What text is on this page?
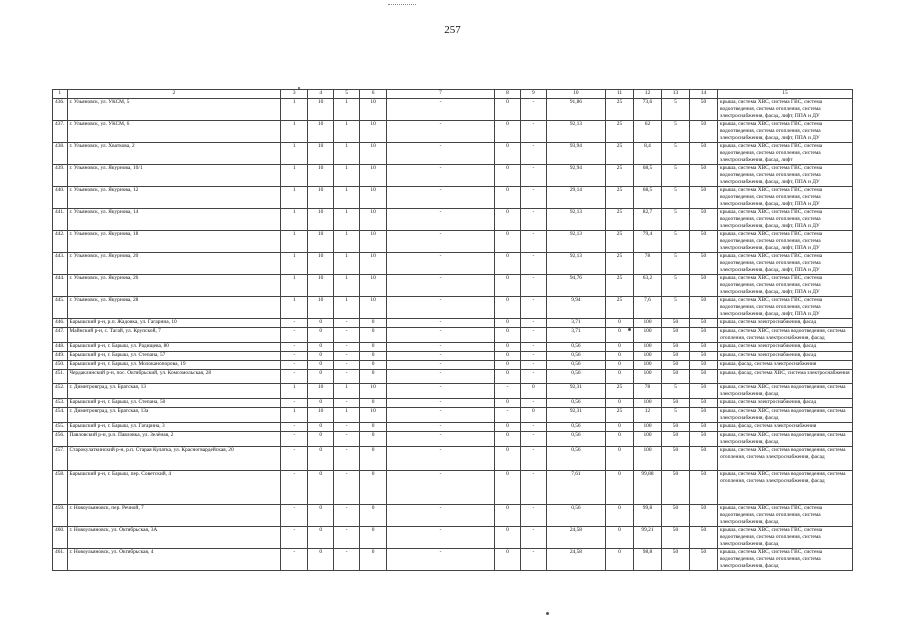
257
1	2	3	4	5	6	7	8	9	10	11	12	13	14	15
436.	г. Ульяновск, ул. УКСМ, 5	1	10	1	10	-	0	-	91,86	25	73,6	5	50	крыша, система ХВС, система ГВС, система водоотведения, система отопления, система электроснабжения, фасад, лифт, ППА и ДУ
437.	г. Ульяновск, ул. УКСМ, 6	1	10	1	10	-	0	-	92,13	25	62	5	50	крыша, система ХВС, система ГВС, система водоотведения, система отопления, система электроснабжения, фасад, лифт, ППА и ДУ
438.	г. Ульяновск, ул. Хваткова, 2	1	10	1	10	-	0	-	93,94	25	8,4	5	50	крыша, система ХВС, система ГВС, система водоотведения, система отопления, система электроснабжения, фасад, лифт
439.	г. Ульяновск, ул. Якурнова, 10/1	1	10	1	10	-	0	-	92,94	25	68,5	5	50	крыша, система ХВС, система ГВС, система водоотведения, система отопления, система электроснабжения, фасад, лифт, ППА и ДУ
440.	г. Ульяновск, ул. Якурнова, 12	1	10	1	10	-	0	-	29,14	25	68,5	5	50	крыша, система ХВС, система ГВС, система водоотведения, система отопления, система электроснабжения, фасад, лифт, ППА и ДУ
441.	г. Ульяновск, ул. Якурнова, 14	1	10	1	10	-	0	-	92,13	25	82,7	5	50	крыша, система ХВС, система ГВС, система водоотведения, система отопления, система электроснабжения, фасад, лифт, ППА и ДУ
442.	г. Ульяновск, ул. Якурнова, 18	1	10	1	10	-	0	-	92,13	25	79,4	5	50	крыша, система ХВС, система ГВС, система водоотведения, система отопления, система электроснабжения, фасад, лифт, ППА и ДУ
443.	г. Ульяновск, ул. Якурнова, 20	1	10	1	10	-	0	-	92,13	25	78	5	50	крыша, система ХВС, система ГВС, система водоотведения, система отопления, система электроснабжения, фасад, лифт, ППА и ДУ
444.	г. Ульяновск, ул. Якурнова, 26	1	10	1	10	-	0	-	94,76	25	63,2	5	50	крыша, система ХВС, система ГВС, система водоотведения, система отопления, система электроснабжения, фасад, лифт, ППА и ДУ
445.	г. Ульяновск, ул. Якурнова, 28	1	10	1	10	-	0	-	9,94	25	7,6	5	50	крыша, система ХВС, система ГВС, система водоотведения, система отопления, система электроснабжения, фасад, лифт, ППА и ДУ
446.	Барышский р-н, р.п. Жадовка, ул. Гагарина, 10	-	0	-	0	-	0	-	3,71	0	100	50	50	крыша, система электроснабжения, фасад
447.	Майнский р-н, с. Тагай, ул. Крупской, 7	-	0	-	0	-	0	-	3,71	0	100	50	50	крыша, система ХВС, система водоотведения, система отопления, система электроснабжения, фасад
448.	Барышский р-н, г. Барыш, ул. Радищева, 80	-	0	-	0	-	0	-	0,56	0	100	50	50	крыша, система электроснабжения, фасад
449.	Барышский р-н, г. Барыш, ул. Степана, 57	-	0	-	0	-	0	-	0,56	0	100	50	50	крыша, система электроснабжения, фасад
450.	Барышский р-н, г. Барыш, ул. Молоканопорова, 19	-	0	-	0	-	0	-	0,56	0	100	50	50	крыша, фасад, система электроснабжения
451.	Чердаклинский р-н, пос. Октябрьский, ул. Комсомольская, 28	-	0	-	0	-	0	-	0,56	0	100	50	50	крыша, фасад, система ХВС, система электроснабжения
452.	г. Димитровград, ул. Братская, 13	1	10	1	10	-	-	0	92,31	25	78	5	50	крыша, система ХВС, система водоотведения, система электроснабжения, фасад
453.	Барышский р-н, г. Барыш, ул. Степана, 50	-	0	-	0	-	0	-	0,56	0	100	50	50	крыша, система электроснабжения, фасад
454.	г. Димитровград, ул. Братская, 13а	1	10	1	10	-	-	0	92,31	25	12	5	50	крыша, система ХВС, система водоотведения, система электроснабжения, фасад
455.	Барышский р-н, г. Барыш, ул. Гагарина, 3	-	0	-	0	-	0	-	0,56	0	100	50	50	крыша, фасад, система электроснабжения
456.	Павловский р-н, р.п. Павловка, ул. Зелёная, 2	-	0	-	0	-	0	-	0,56	0	100	50	50	крыша, система ХВС, система водоотведения, система электроснабжения, фасад
457.	Старокулаткинский р-н, р.п. Старая Кулатка, ул. Красногвардейская, 20	-	0	-	0	-	0	-	0,56	0	100	50	50	крыша, система ХВС, система водоотведения, система отопления, система электроснабжения, фасад
458.	Барышский р-н, г. Барыш, пер. Советский, 4	-	0	-	0	-	0	-	7,61	0	99,88	50	50	крыша, система ХВС, система водоотведения, система отопления, система электроснабжения, фасад
459.	г. Новоульяновск, пер. Речной, 7	-	0	-	0	-	0	-	0,56	0	99,8	50	50	крыша, система ХВС, система ГВС, система водоотведения, система отопления, система электроснабжения, фасад
460.	г. Новоульяновск, ул. Октябрьская, 3А	-	0	-	0	-	0	-	24,58	0	99,21	50	50	крыша, система ХВС, система ГВС, система водоотведения, система отопления, система электроснабжения, фасад
461.	г. Новоульяновск, ул. Октябрьская, 4	-	0	-	0	-	0	-	24,58	0	98,8	50	50	крыша, система ХВС, система ГВС, система водоотведения, система отопления, система электроснабжения, фасад
